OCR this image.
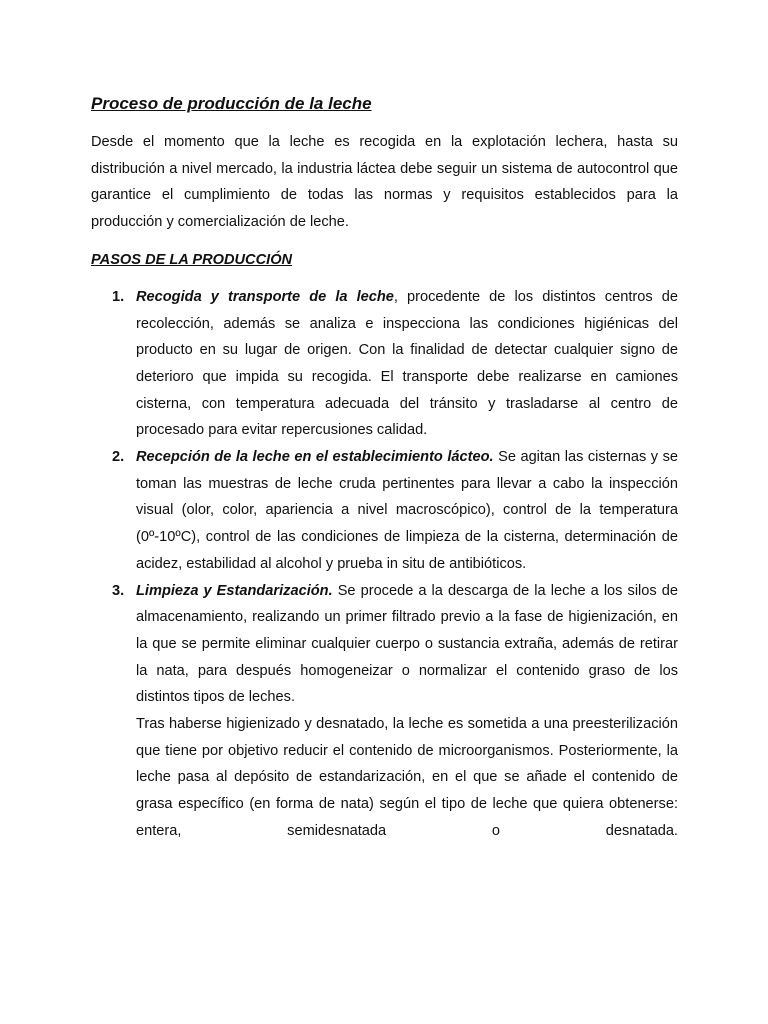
Proceso de producción de la leche

Desde el momento que la leche es recogida en la explotación lechera, hasta su distribución a nivel mercado, la industria láctea debe seguir un sistema de autocontrol que garantice el cumplimiento de todas las normas y requisitos establecidos para la producción y comercialización de leche.

PASOS DE LA PRODUCCIÓN
1. Recogida y transporte de la leche, procedente de los distintos centros de recolección, además se analiza e inspecciona las condiciones higiénicas del producto en su lugar de origen. Con la finalidad de detectar cualquier signo de deterioro que impida su recogida. El transporte debe realizarse en camiones cisterna, con temperatura adecuada del tránsito y trasladarse al centro de procesado para evitar repercusiones calidad.
2. Recepción de la leche en el establecimiento lácteo. Se agitan las cisternas y se toman las muestras de leche cruda pertinentes para llevar a cabo la inspección visual (olor, color, apariencia a nivel macroscópico), control de la temperatura (0º-10ºC), control de las condiciones de limpieza de la cisterna, determinación de acidez, estabilidad al alcohol y prueba in situ de antibióticos.
3. Limpieza y Estandarización. Se procede a la descarga de la leche a los silos de almacenamiento, realizando un primer filtrado previo a la fase de higienización, en la que se permite eliminar cualquier cuerpo o sustancia extraña, además de retirar la nata, para después homogeneizar o normalizar el contenido graso de los distintos tipos de leches.
Tras haberse higienizado y desnatado, la leche es sometida a una preesterilización que tiene por objetivo reducir el contenido de microorganismos. Posteriormente, la leche pasa al depósito de estandarización, en el que se añade el contenido de grasa específico (en forma de nata) según el tipo de leche que quiera obtenerse: entera, semidesnatada o desnatada.
